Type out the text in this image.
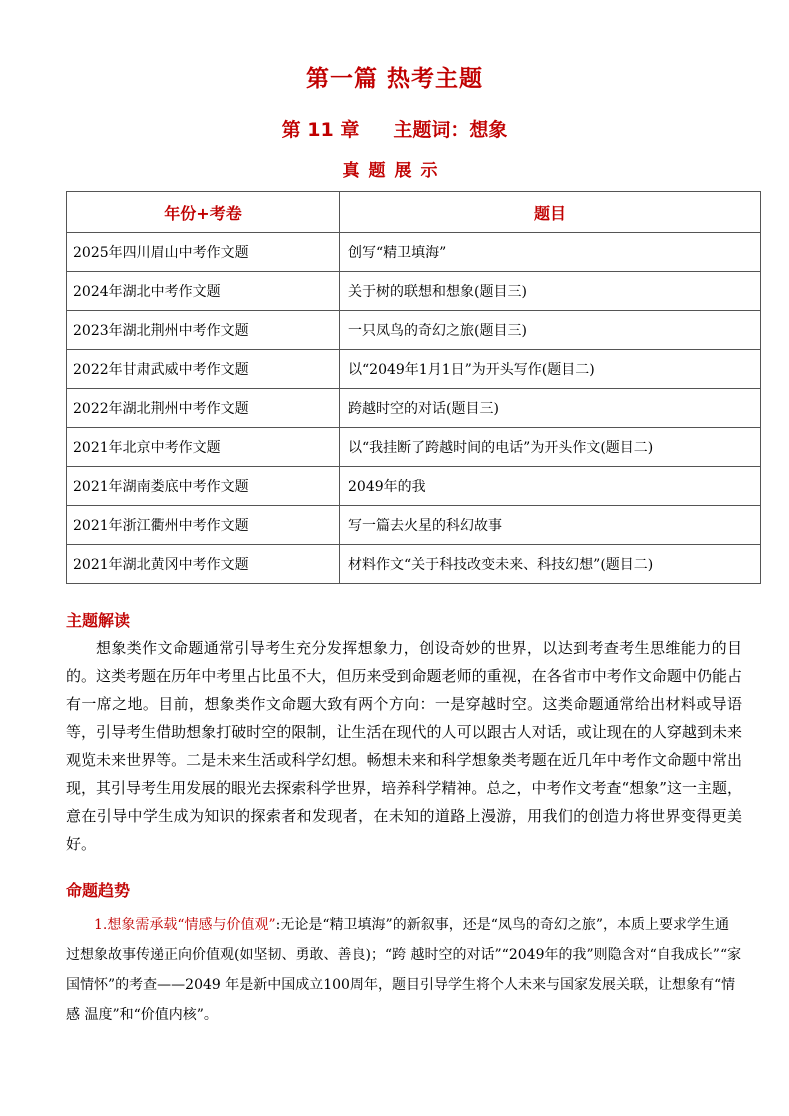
第一篇 热考主题
第 11 章 主题词：想象
真题展示
年份+考卷	题目
2025年四川眉山中考作文题	创写“精卫填海”
2024年湖北中考作文题	关于树的联想和想象(题目三)
2023年湖北荆州中考作文题	一只凤鸟的奇幻之旅(题目三)
2022年甘肃武威中考作文题	以“2049年1月1日”为开头写作(题目二)
2022年湖北荆州中考作文题	跨越时空的对话(题目三)
2021年北京中考作文题	以“我挂断了跨越时间的电话”为开头作文(题目二)
2021年湖南娄底中考作文题	2049年的我
2021年浙江衢州中考作文题	写一篇去火星的科幻故事
2021年湖北黄冈中考作文题	材料作文“关于科技改变未来、科技幻想”(题目二)
主题解读

想象类作文命题通常引导考生充分发挥想象力，创设奇妙的世界，以达到考查考生思维能力的目的。这类考题在历年中考里占比虽不大，但历来受到命题老师的重视，在各省市中考作文命题中仍能占有一席之地。目前，想象类作文命题大致有两个方向：一是穿越时空。这类命题通常给出材料或导语等，引导考生借助想象打破时空的限制，让生活在现代的人可以跟古人对话，或让现在的人穿越到未来观览未来世界等。二是未来生活或科学幻想。畅想未来和科学想象类考题在近几年中考作文命题中常出现，其引导考生用发展的眼光去探索科学世界，培养科学精神。总之，中考作文考查“想象”这一主题，意在引导中学生成为知识的探索者和发现者，在未知的道路上漫游，用我们的创造力将世界变得更美好。

命题趋势

1.想象需承载“情感与价值观”:无论是“精卫填海”的新叙事，还是“凤鸟的奇幻之旅”，本质上要求学生通过想象故事传递正向价值观(如坚韧、勇敢、善良)；“跨 越时空的对话”“2049年的我”则隐含对“自我成长”“家国情怀”的考查——2049 年是新中国成立100周年，题目引导学生将个人未来与国家发展关联，让想象有“情感 温度”和“价值内核”。
